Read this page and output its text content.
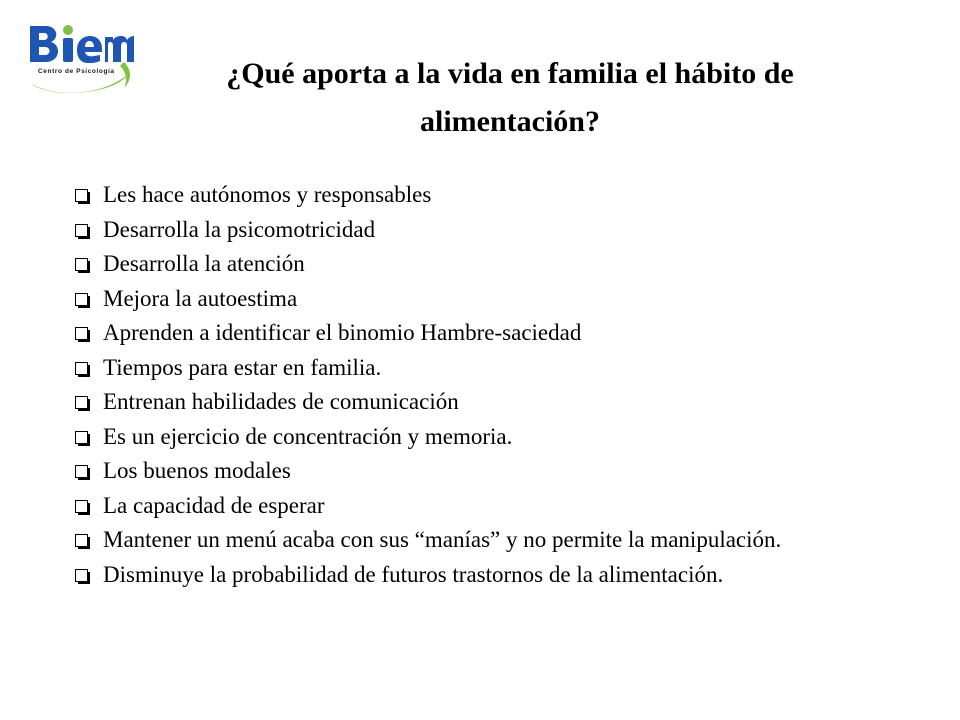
Centro de Psicología	¿Qué aporta a la vida en familia el hábito de alimentación?
Les hace autónomos y responsables
Desarrolla la psicomotricidad
Desarrolla la atención
Mejora la autoestima
Aprenden a identificar el binomio Hambre-saciedad
Tiempos para estar en familia.
Entrenan habilidades de comunicación
Es un ejercicio de concentración y memoria.
Los buenos modales
La capacidad de esperar
Mantener un menú acaba con sus “manías” y no permite la manipulación.
Disminuye la probabilidad de futuros trastornos de la alimentación.
